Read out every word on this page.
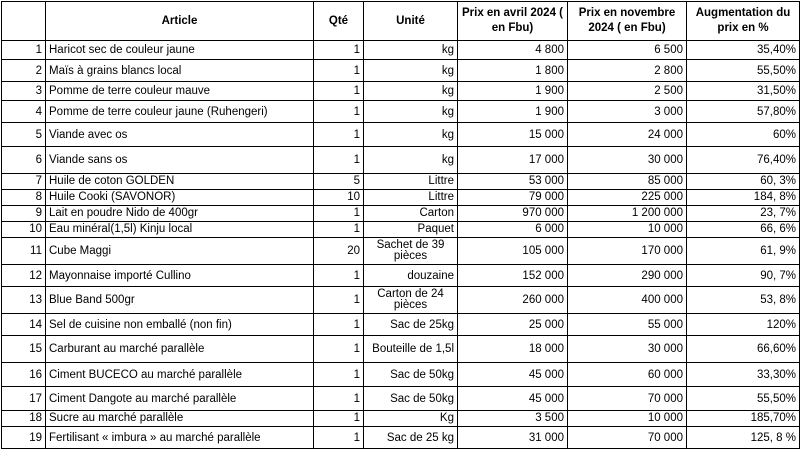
	Article	Qté	Unité	Prix en avril 2024 ( en Fbu)	Prix en novembre 2024 ( en Fbu)	Augmentation du prix en %
1	Haricot sec de couleur jaune	1	kg	4 800	6 500	35,40%
2	Maïs à grains blancs local	1	kg	1 800	2 800	55,50%
3	Pomme de terre couleur mauve	1	kg	1 900	2 500	31,50%
4	Pomme de terre couleur jaune (Ruhengeri)	1	kg	1 900	3 000	57,80%
5	Viande avec os	1	kg	15 000	24 000	60%
6	Viande sans os	1	kg	17 000	30 000	76,40%
7	Huile de coton GOLDEN	5	Littre	53 000	85 000	60, 3%
8	Huile Cooki (SAVONOR)	10	Littre	79 000	225 000	184, 8%
9	Lait en poudre Nido de 400gr	1	Carton	970 000	1 200 000	23, 7%
10	Eau minéral(1,5l) Kinju local	1	Paquet	6 000	10 000	66, 6%
11	Cube Maggi	20	Sachet de 39 pièces	105 000	170 000	61, 9%
12	Mayonnaise importé Cullino	1	douzaine	152 000	290 000	90, 7%
13	Blue Band 500gr	1	Carton de 24 pièces	260 000	400 000	53, 8%
14	Sel de cuisine non emballé (non fin)	1	Sac de 25kg	25 000	55 000	120%
15	Carburant au marché parallèle	1	Bouteille de 1,5l	18 000	30 000	66,60%
16	Ciment BUCECO au marché parallèle	1	Sac de 50kg	45 000	60 000	33,30%
17	Ciment Dangote au marché parallèle	1	Sac de 50kg	45 000	70 000	55,50%
18	Sucre au marché parallèle	1	Kg	3 500	10 000	185,70%
19	Fertilisant « imbura » au marché parallèle	1	Sac de 25 kg	31 000	70 000	125, 8 %
